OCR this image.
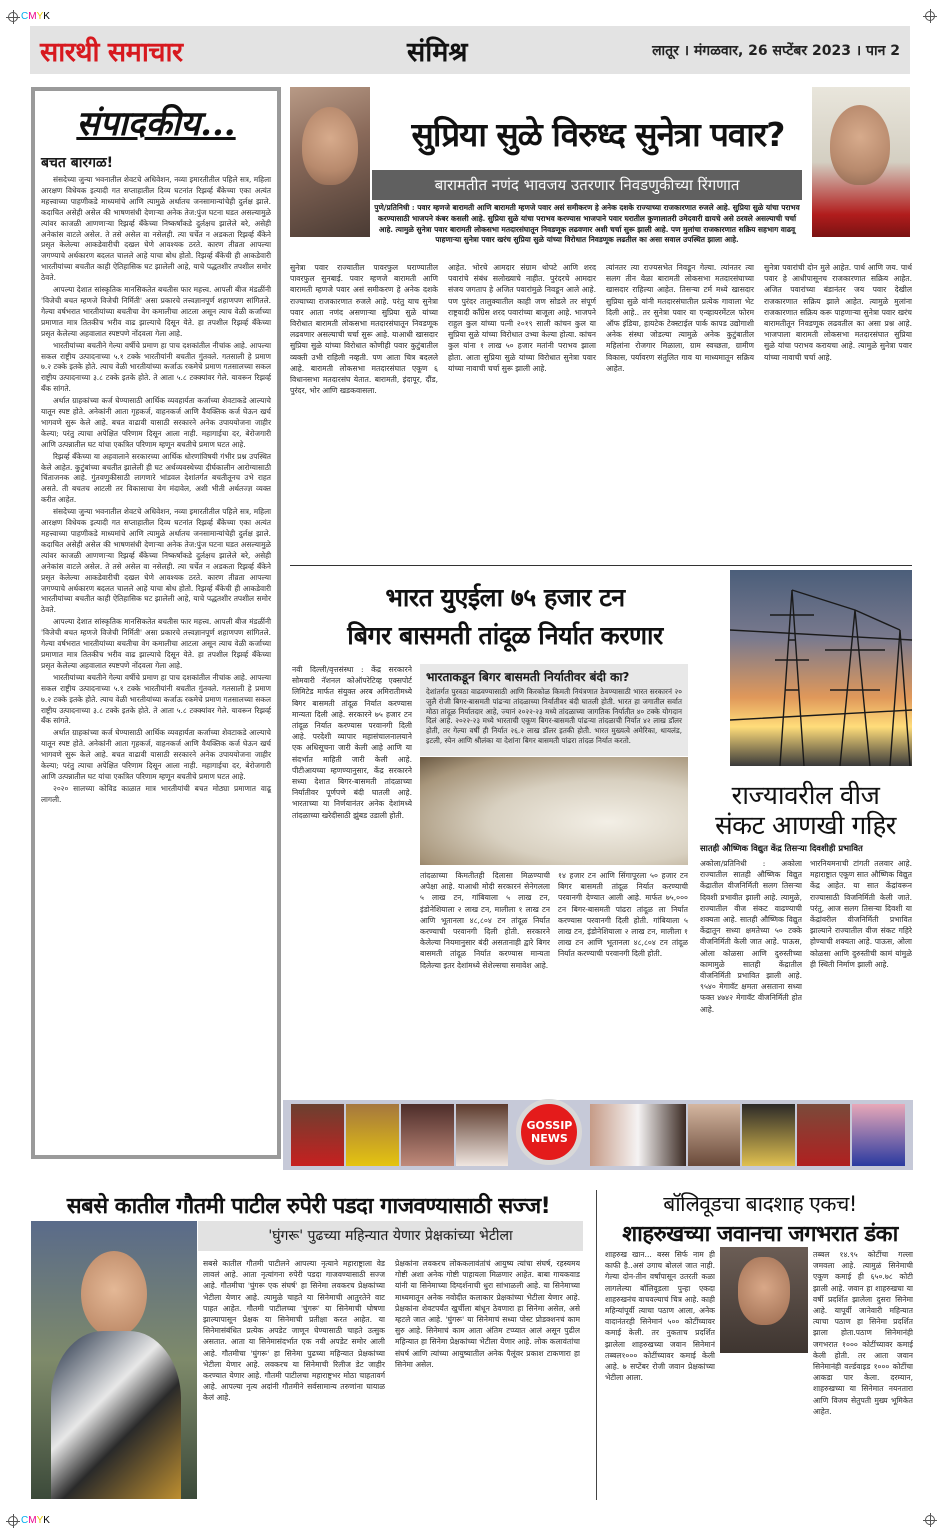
CMYK
CMYK
सारथी समाचार	संमिश्र	लातूर । मंगळवार, 26 सप्टेंबर 2023 । पान 2
संपादकीय...
बचत बारगळ!

संसदेच्या जुन्या भवनातील शेवटचे अधिवेशन, नव्या इमारतीतील पहिले सत्र, महिला आरक्षण विधेयक इत्यादी गत सप्ताहातील दिव्य घटनांत रिझर्व्ह बँकेच्या एका अत्यंत महत्त्वाच्या पाहणीकडे माध्यमांचे आणि त्यामुळे अर्थातच जनसामान्यांचेही दुर्लक्ष झाले. कदाचित असेही असेल की भाषणसंधी देणाऱ्या अनेक तेज:पुंज घटना घडत असल्यामुळे त्यांवर काजळी आणणाऱ्या रिझर्व्ह बँकेच्या निष्कर्षांकडे दुर्लक्षच झालेले बरे, असेही अनेकांस वाटले असेल. ते तसे असेल वा नसेलही. त्या चर्चेत न अडकता रिझर्व्ह बँकेने प्रसृत केलेल्या आकडेवारीची दखल घेणे आवश्यक ठरते. कारण तीव्रता आपल्या जगण्याचे अर्थकारण बदलत चालले आहे याचा बोध होतो. रिझर्व्ह बँकेची ही आकडेवारी भारतीयांच्या बचतीत काही ऐतिहासिक घट झालेली आहे, याचे पद्धतशीर तपशील समोर ठेवते.

आपल्या देशात सांस्कृतिक मानसिकतेत बचतीस फार महत्त्व. आपली बीज मंडळींनी 'विजेची बचत म्हणजे विजेची निर्मिती' असा प्रकारचे तत्त्वज्ञानपूर्ण शहाणपण सांगितले. गेल्या वर्षभरात भारतीयांच्या बचतीचा वेग कमालीचा आटला असून त्याच वेळी कर्जाच्या प्रमाणात मात्र तितकीच भरीव वाढ झाल्याचे दिसून येते. हा तपशील रिझर्व्ह बँकेच्या प्रसृत केलेल्या अहवालात स्पष्टपणे नोंदवला गेला आहे.

भारतीयांच्या बचतीने गेल्या वर्षीचे प्रमाण हा पाच दशकांतील नीचांक आहे. आपल्या सकल राष्ट्रीय उत्पादनाच्या ५.१ टक्के भारतीयांनी बचतीत गुंतवले. गतसाली हे प्रमाण ७.२ टक्के इतके होते. त्याच वेळी भारतीयांच्या कर्जाऊ रकमेचे प्रमाण गतसालच्या सकल राष्ट्रीय उत्पादनाच्या ३.८ टक्के इतके होते. ते आता ५.८ टक्क्यांवर गेले. यावरून रिझर्व्ह बँक सांगते.

अर्थात ग्राहकांच्या कर्ज घेण्यासाठी आर्थिक व्यवहार्यता कर्जाच्या शेवटाकडे आल्याचे यातून स्पष्ट होते. अनेकांनी आता गृहकर्ज, वाहनकर्ज आणि वैयक्तिक कर्ज घेऊन खर्च भागवणे सुरू केले आहे. बचत वाढावी यासाठी सरकारने अनेक उपाययोजना जाहीर केल्या; परंतु त्याचा अपेक्षित परिणाम दिसून आला नाही. महागाईचा दर, बेरोजगारी आणि उत्पन्नातील घट यांचा एकत्रित परिणाम म्हणून बचतीचे प्रमाण घटत आहे.

रिझर्व्ह बँकेच्या या अहवालाने सरकारच्या आर्थिक धोरणांविषयी गंभीर प्रश्न उपस्थित केले आहेत. कुटुंबांच्या बचतीत झालेली ही घट अर्थव्यवस्थेच्या दीर्घकालीन आरोग्यासाठी चिंताजनक आहे. गुंतवणुकीसाठी लागणारे भांडवल देशांतर्गत बचतीतूनच उभे राहत असते. ती बचतच आटली तर विकासाचा वेग मंदावेल, अशी भीती अर्थतज्ज्ञ व्यक्त करीत आहेत.

संसदेच्या जुन्या भवनातील शेवटचे अधिवेशन, नव्या इमारतीतील पहिले सत्र, महिला आरक्षण विधेयक इत्यादी गत सप्ताहातील दिव्य घटनांत रिझर्व्ह बँकेच्या एका अत्यंत महत्त्वाच्या पाहणीकडे माध्यमांचे आणि त्यामुळे अर्थातच जनसामान्यांचेही दुर्लक्ष झाले. कदाचित असेही असेल की भाषणसंधी देणाऱ्या अनेक तेज:पुंज घटना घडत असल्यामुळे त्यांवर काजळी आणणाऱ्या रिझर्व्ह बँकेच्या निष्कर्षांकडे दुर्लक्षच झालेले बरे, असेही अनेकांस वाटले असेल. ते तसे असेल वा नसेलही. त्या चर्चेत न अडकता रिझर्व्ह बँकेने प्रसृत केलेल्या आकडेवारीची दखल घेणे आवश्यक ठरते. कारण तीव्रता आपल्या जगण्याचे अर्थकारण बदलत चालले आहे याचा बोध होतो. रिझर्व्ह बँकेची ही आकडेवारी भारतीयांच्या बचतीत काही ऐतिहासिक घट झालेली आहे, याचे पद्धतशीर तपशील समोर ठेवते.

आपल्या देशात सांस्कृतिक मानसिकतेत बचतीस फार महत्त्व. आपली बीज मंडळींनी 'विजेची बचत म्हणजे विजेची निर्मिती' असा प्रकारचे तत्त्वज्ञानपूर्ण शहाणपण सांगितले. गेल्या वर्षभरात भारतीयांच्या बचतीचा वेग कमालीचा आटला असून त्याच वेळी कर्जाच्या प्रमाणात मात्र तितकीच भरीव वाढ झाल्याचे दिसून येते. हा तपशील रिझर्व्ह बँकेच्या प्रसृत केलेल्या अहवालात स्पष्टपणे नोंदवला गेला आहे.

भारतीयांच्या बचतीने गेल्या वर्षीचे प्रमाण हा पाच दशकांतील नीचांक आहे. आपल्या सकल राष्ट्रीय उत्पादनाच्या ५.१ टक्के भारतीयांनी बचतीत गुंतवले. गतसाली हे प्रमाण ७.२ टक्के इतके होते. त्याच वेळी भारतीयांच्या कर्जाऊ रकमेचे प्रमाण गतसालच्या सकल राष्ट्रीय उत्पादनाच्या ३.८ टक्के इतके होते. ते आता ५.८ टक्क्यांवर गेले. यावरून रिझर्व्ह बँक सांगते.

अर्थात ग्राहकांच्या कर्ज घेण्यासाठी आर्थिक व्यवहार्यता कर्जाच्या शेवटाकडे आल्याचे यातून स्पष्ट होते. अनेकांनी आता गृहकर्ज, वाहनकर्ज आणि वैयक्तिक कर्ज घेऊन खर्च भागवणे सुरू केले आहे. बचत वाढावी यासाठी सरकारने अनेक उपाययोजना जाहीर केल्या; परंतु त्याचा अपेक्षित परिणाम दिसून आला नाही. महागाईचा दर, बेरोजगारी आणि उत्पन्नातील घट यांचा एकत्रित परिणाम म्हणून बचतीचे प्रमाण घटत आहे.

२०२० सालच्या कोविड काळात मात्र भारतीयांची बचत मोठ्या प्रमाणात वाढू लागली.

सुप्रिया सुळे विरुध्द सुनेत्रा पवार?
बारामतीत नणंद भावजय उतरणार निवडणुकीच्या रिंगणात
पुणे/प्रतिनिधी : पवार म्हणजे बारामती आणि बारामती म्हणजे पवार असं समीकरण हे अनेक दशके राज्याच्या राजकारणात रुजले आहे. सुप्रिया सुळे यांचा पराभव करण्यासाठी भाजपने कंबर कसली आहे. सुप्रिया सुळे यांचा पराभव करण्यास भाजपाने पवार घरातील कुणालातरी उमेदवारी द्यायचे असे ठरवले असल्याची चर्चा आहे. त्यामुळे सुनेत्रा पवार बारामती लोकसभा मतदारसंघातून निवडणूक लढवणार अशी चर्चा सुरू झाली आहे. पण मुलांचा राजकारणात सक्रिय सहभाग वाढवू पाहणाऱ्या सुनेत्रा पवार खरंच सुप्रिया सुळे यांच्या विरोधात निवडणूक लढतील का असा सवाल उपस्थित झाला आहे.
सुनेत्रा पवार राज्यातील पावरफुल घराण्यातील पावरफुल सुनबाई. पवार म्हणजे बारामती आणि बारामती म्हणजे पवार असं समीकरण हे अनेक दशके राज्याच्या राजकारणात रुजले आहे. परंतु याच सुनेत्रा पवार आता नणंद असणाऱ्या सुप्रिया सुळे यांच्या विरोधात बारामती लोकसभा मतदारसंघातून निवडणूक लढवणार असल्याची चर्चा सुरू आहे. याआधी खासदार सुप्रिया सुळे यांच्या विरोधात कोणीही पवार कुटुंबातील व्यक्ती उभी राहिली नव्हती. पण आता चित्र बदलले आहे. बारामती लोकसभा मतदारसंघात एकूण ६ विधानसभा मतदारसंघ येतात. बारामती, इंदापूर, दौंड, पुरंदर, भोर आणि खडकवासला.
आहेत. भोरचे आमदार संग्राम थोपटे आणि शरद पवारांचे संबंध सलोख्याचे नाहीत. पुरंदरचे आमदार संजय जगताप हे अजित पवारांमुळे निवडून आले आहे. पण पुरंदर तालुक्यातील काही जण सोडले तर संपूर्ण राष्ट्रवादी काँग्रेस शरद पवारांच्या बाजूला आहे. भाजपने राहुल कुल यांच्या पत्नी २०१९ साली कांचन कुल या सुप्रिया सुळे यांच्या विरोधात उभ्या केल्या होत्या. कांचन कुल यांना १ लाख ५० हजार मतांनी पराभव झाला होता. आता सुप्रिया सुळे यांच्या विरोधात सुनेत्रा पवार यांच्या नावाची चर्चा सुरू झाली आहे.
त्यांनतर त्या राज्यसभेत निवडून गेल्या. त्यांनतर त्या सलग तीन वेळा बारामती लोकसभा मतदारसंघाच्या खासदार राहिल्या आहेत. तिसऱ्या टर्म मध्ये खासदार सुप्रिया सुळे यांनी मतदारसंघातील प्रत्येक गावाला भेट दिली आहे.. तर सुनेत्रा पवार या एन्व्हायरमेंटल फोरम ऑफ इंडिया, हायटेक टेक्स्टाईल पार्क कापड उद्योगाशी अनेक संस्था जोडल्या त्यामुळे अनेक कुटुंबातील महिलांना रोजगार मिळाला, ग्राम स्वच्छता, ग्रामीण विकास, पर्यावरण संतुलित गाव या माध्यमातून सक्रिय आहेत.
सुनेत्रा पवारांची दोन मुले आहेत. पार्थ आणि जय. पार्थ पवार हे आधीपासूनच राजकारणात सक्रिय आहेत. अजित पवारांच्या बंडानंतर जय पवार देखील राजकारणात सक्रिय झाले आहेत. त्यामुळे मुलांना राजकारणात सक्रिय करू पाहणाऱ्या सुनेत्रा पवार खरंच बारामतीतून निवडणूक लढवतील का असा प्रश्न आहे. भाजपाला बारामती लोकसभा मतदारसंघात सुप्रिया सुळे यांचा पराभव करायचा आहे. त्यामुळे सुनेत्रा पवार यांच्या नावाची चर्चा आहे.
भारत युएईला ७५ हजार टन
बिगर बासमती तांदूळ निर्यात करणार
नवी दिल्ली/वृत्तसंस्था : केंद्र सरकारने सोमवारी नॅशनल कोऑपरेटिव्ह एक्सपोर्ट लिमिटेड मार्फत संयुक्त अरब अमिरातीमध्ये बिगर बासमती तांदूळ निर्यात करण्यास मान्यता दिली आहे. सरकारने ७५ हजार टन तांदूळ निर्यात करण्यास परवानगी दिली आहे. परदेशी व्यापार महासंचालनालयाने एक अधिसूचना जारी केली आहे आणि या संदर्भात माहिती जारी केली आहे. पीटीआयच्या म्हणण्यानुसार, केंद्र सरकारने सध्या देशात बिगर-बासमती तांदळाच्या निर्यातीवर पूर्णपणे बंदी घातली आहे. भारताच्या या निर्णयानंतर अनेक देशांमध्ये तांदळाच्या खरेदीसाठी झुंबड उडाली होती.
भारताकडून बिगर बासमती निर्यातीवर बंदी का?
देशांतर्गत पुरवठा वाढवण्यासाठी आणि किरकोळ किमती नियंत्रणात ठेवण्यासाठी भारत सरकारनं २० जुलै रोजी बिगर-बासमती पांढऱ्या तांदळाच्या निर्यातीवर बंदी घातली होती. भारत हा जगातील सर्वात मोठा तांदूळ निर्यातदार आहे, ज्यानं २०२२-२३ मध्ये तांदळाच्या जागतिक निर्यातीत ४० टक्के योगदान दिलं आहे. २०२२-२३ मध्ये भारताची एकूण बिगर-बासमती पांढऱ्या तांदळाची निर्यात ४२ लाख डॉलर होती, तर गेल्या वर्षी ही निर्यात २६.२ लाख डॉलर इतकी होती. भारत मुख्यत्वे अमेरिका, थायलंड, इटली, स्पेन आणि श्रीलंका या देशांना बिगर बासमती पांढरा तांदळ निर्यात करतो.
तांदळाच्या किमतीतही दिलासा मिळण्याची अपेक्षा आहे. याआधी मोदी सरकारनं सेनेगलला ५ लाख टन, गांबियाला ५ लाख टन, इंडोनेशियाला २ लाख टन, मालीला १ लाख टन आणि भूतानला ४८,८०४ टन तांदूळ निर्यात करण्याची परवानगी दिली होती. सरकारने केलेल्या नियमानुसार बंदी असतानाही द्वारे बिगर बासमती तांदूळ निर्यात करण्यास मान्यता दिलेल्या इतर देशांमध्ये सेशेल्सचा समावेश आहे.
१४ हजार टन आणि सिंगापूरला ५० हजार टन बिगर बासमती तांदूळ निर्यात करण्याची परवानगी देण्यात आली आहे. मार्फत ७५,००० टन बिगर-बासमती पांढरा तांदूळ ला निर्यात करण्यास परवानगी दिली होती. गांबियाला ५ लाख टन, इंडोनेशियाला २ लाख टन, मालीला १ लाख टन आणि भूतानला ४८,८०४ टन तांदूळ निर्यात करण्याची परवानगी दिली होती.
राज्यावरील वीज
संकट आणखी गहिर
सातही औष्णिक विद्युत केंद्र तिसऱ्या दिवशीही प्रभावित
अकोला/प्रतिनिधी : अकोला राज्यातील सातही औष्णिक विद्युत केंद्रातील वीजनिर्मिती सलग तिसऱ्या दिवशी प्रभावीत झाली आहे. त्यामुळे, राज्यातील वीज संकट वाढण्याची शक्यता आहे. सातही औष्णिक विद्युत केंद्रातून सध्या क्षमतेच्या ५० टक्के वीजनिर्मिती केली जात आहे. पाऊस, ओला कोळसा आणि दुरुस्तीच्या कामामुळे सातही केंद्रातील वीजनिर्मिती प्रभावित झाली आहे. ९५४० मेगावॅट क्षमता असताना सध्या फक्त ४७४२ मेगावॅट वीजनिर्मिती होत आहे.
भारनियमनाची टांगती तलवार आहे. महाराष्ट्रात एकूण सात औष्णिक विद्युत केंद्र आहेत. या सात केंद्रांवरून राज्यासाठी विजनिर्मिती केली जाते. परंतु, आज सलग तिसऱ्या दिवशी या केंद्रांवरील वीजनिर्मिती प्रभावित झाल्याने राज्यातील वीज संकट गहिरे होण्याची शक्यता आहे. पाऊस, ओला कोळसा आणि दुरुस्तीची कामं यांमुळे ही स्थिती निर्माण झाली आहे.
GOSSIP
NEWS
सबसे कातील गौतमी पाटील रुपेरी पडदा गाजवण्यासाठी सज्ज!
'घुंगरू' पुढच्या महिन्यात येणार प्रेक्षकांच्या भेटीला
सबसे कातील गौतमी पाटीलने आपल्या नृत्याने महाराष्ट्राला वेड लावलं आहे. आता नृत्यांगना रुपेरी पडदा गाजवण्यासाठी सज्ज आहे. गौतमीचा 'घुंगरू एक संघर्ष' हा सिनेमा लवकरच प्रेक्षकांच्या भेटीला येणार आहे. त्यामुळे चाहते या सिनेमाची आतुरतेने वाट पाहत आहेत. गौतमी पाटीलच्या 'घुंगरू' या सिनेमाची घोषणा झाल्यापासून प्रेक्षक या सिनेमाची प्रतीक्षा करत आहेत. या सिनेमासंबंधित प्रत्येक अपडेट जाणून घेण्यासाठी चाहते उत्सुक असतात. आता या सिनेमासंदर्भात एक नवी अपडेट समोर आली आहे. गौतमीचा 'घुंगरू' हा सिनेमा पुढच्या महिन्यात प्रेक्षकांच्या भेटीला येणार आहे. लवकरच या सिनेमाची रिलीज डेट जाहीर करण्यात येणार आहे. गौतमी पाटीलचा महाराष्ट्रभर मोठा चाहतावर्ग आहे. आपल्या नृत्य अदांनी गौतमीने सर्वसामान्य तरुणांना घायाळ केलं आहे.
प्रेक्षकांना लवकरच लोककलावंतांचं आयुष्य त्यांचा संघर्ष, रहस्यमय गोष्टी अशा अनेक गोष्टी पाहायला मिळणार आहेत. बाबा गायकवाड यांनी या सिनेमाच्या दिग्दर्शनाची धुरा सांभाळली आहे. या सिनेमाच्या माध्यमातून अनेक नवोदीत कलाकार प्रेक्षकांच्या भेटीला येणार आहे. प्रेक्षकांना शेवटपर्यंत खुर्चीला बांधून ठेवणारा हा सिनेमा असेल, असे म्हटले जात आहे. 'घुंगरू' या सिनेमाचं सध्या पोस्ट प्रोडक्शनचं काम सुरु आहे. सिनेमाचं काम आता अंतिम टप्प्यात आलं असून पुढील महिन्यात हा सिनेमा प्रेक्षकांच्या भेटीला येणार आहे. लोक कलावंतांचा संघर्ष आणि त्यांच्या आयुष्यातील अनेक पैलूंवर प्रकाश टाकणारा हा सिनेमा असेल.
बॉलिवूडचा बादशाह एकच!
शाहरुखच्या जवानचा जगभरात डंका
शाहरुख खान... बस्स सिर्फ नाम ही काफी है..असं उगाच बोललं जात नाही. गेल्या दोन-तीन वर्षांपासून उतरती कळा लागलेल्या बॉलिवूडला पुन्हा एकदा शाहरुखनंच वाचवल्याचं चित्र आहे. काही महिन्यांपूर्वी त्याचा पठाण आला, अनेक वादानंतरही सिनेमानं ५०० कोटींच्यावर कमाई केली. तर नुकताच प्रदर्शित झालेला शाहरुखच्या जवान सिनेमानं तब्बल१००० कोटींच्यावर कमाई केली आहे. ७ सप्टेंबर रोजी जवान प्रेक्षकांच्या भेटीला आला.
तब्बल १४.९५ कोटींचा गल्ला जमवला आहे. त्यामुळं सिनेमाची एकूण कमाई ही ६५०.७८ कोटी झाली आहे. जवान हा शाहरुखचा या वर्षी प्रदर्शित झालेला दुसरा सिनेमा आहे. यापूर्वी जानेवारी महिन्यात त्याचा पठाण हा सिनेमा प्रदर्शित झाला होता.पठाण सिनेमानंही जगभरात १००० कोटींच्यावर कमाई केली होती. तर आता जवान सिनेमानंही वर्ल्डवाइड १००० कोटींचा आकडा पार केला. दरम्यान, शाहरुखच्या या सिनेमात नयनतारा आणि विजय सेतुपती मुख्य भूमिकेत आहेत.
